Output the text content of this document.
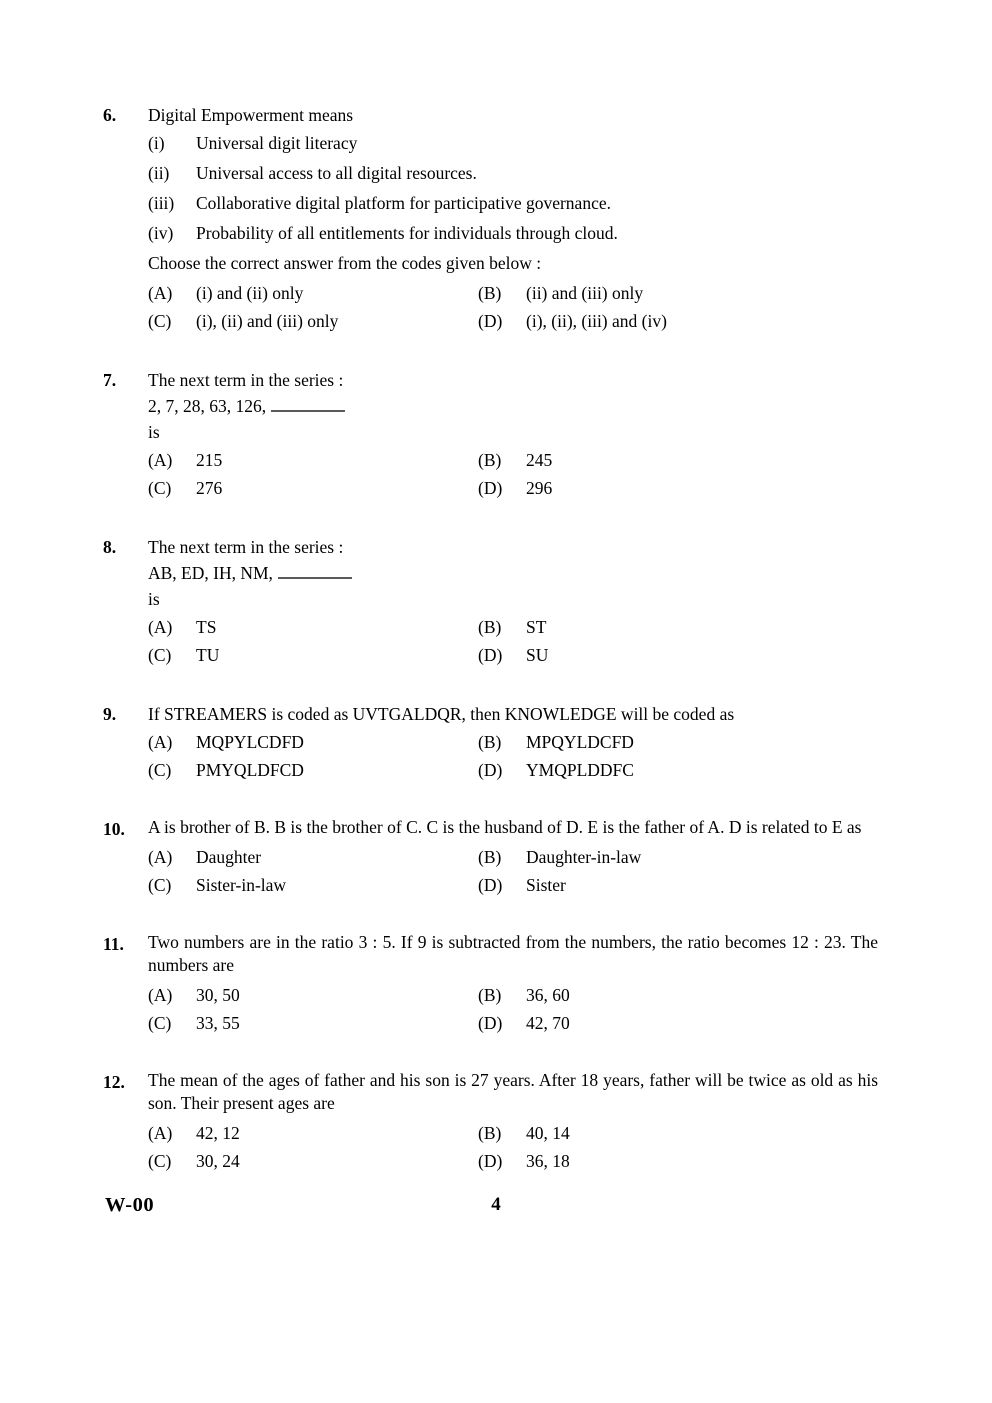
6.	Digital Empowerment means
(i)	Universal digit literacy
(ii)	Universal access to all digital resources.
(iii)	Collaborative digital platform for participative governance.
(iv)	Probability of all entitlements for individuals through cloud.
Choose the correct answer from the codes given below :
(A)	(i) and (ii) only	(B)	(ii) and (iii) only
(C)	(i), (ii) and (iii) only	(D)	(i), (ii), (iii) and (iv)
7.	The next term in the series :
2, 7, 28, 63, 126,
is
(A)	215	(B)	245
(C)	276	(D)	296
8.	The next term in the series :
AB, ED, IH, NM,
is
(A)	TS	(B)	ST
(C)	TU	(D)	SU
9.	If STREAMERS is coded as UVTGALDQR, then KNOWLEDGE will be coded as
(A)	MQPYLCDFD	(B)	MPQYLDCFD
(C)	PMYQLDFCD	(D)	YMQPLDDFC
10.	A is brother of B. B is the brother of C. C is the husband of D. E is the father of A. D is related to E as
(A)	Daughter	(B)	Daughter-in-law
(C)	Sister-in-law	(D)	Sister
11.	Two numbers are in the ratio 3 : 5. If 9 is subtracted from the numbers, the ratio becomes 12 : 23. The numbers are
(A)	30, 50	(B)	36, 60
(C)	33, 55	(D)	42, 70
12.	The mean of the ages of father and his son is 27 years. After 18 years, father will be twice as old as his son. Their present ages are
(A)	42, 12	(B)	40, 14
(C)	30, 24	(D)	36, 18
W-00	4
